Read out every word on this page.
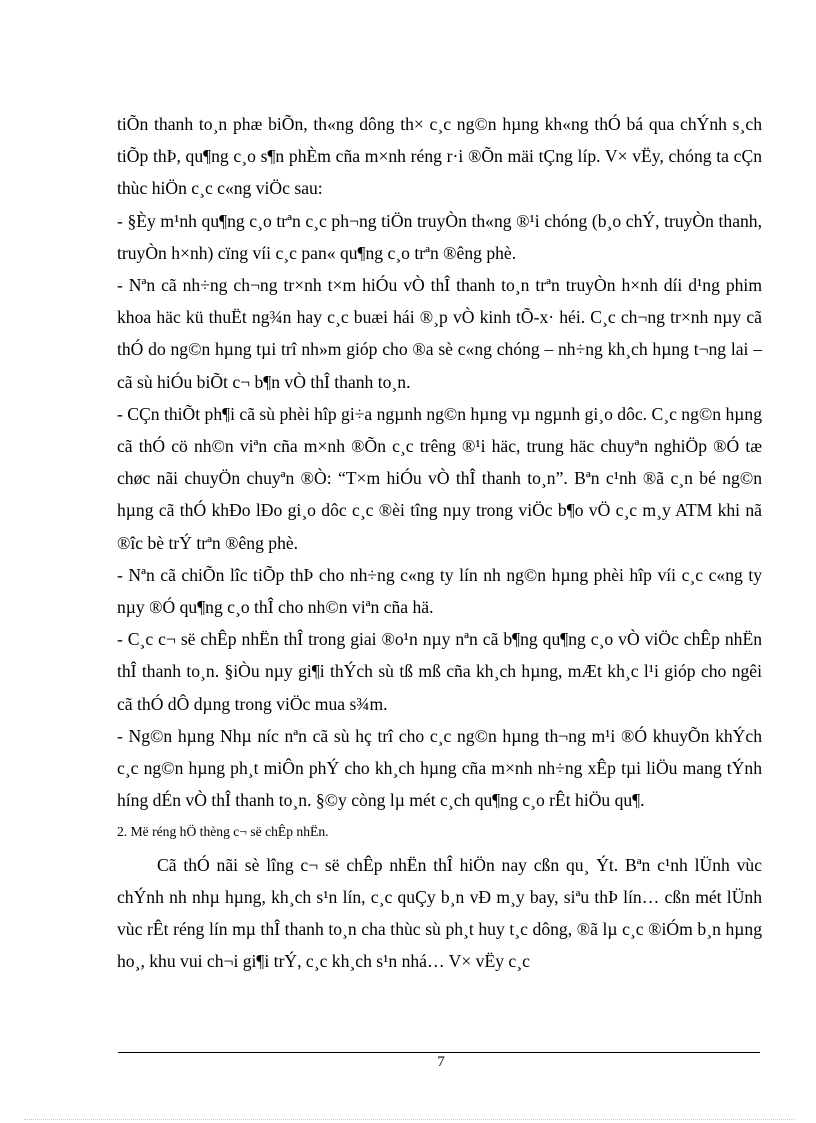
tiÕn thanh to¸n phæ biÕn, th«ng dông th× c¸c ng©n hµng kh«ng thÓ bá qua chÝnh s¸ch tiÕp thÞ, qu¶ng c¸o s¶n phÈm cña m×nh réng r·i ®Õn mäi tÇng líp. V× vËy, chóng ta cÇn thùc hiÖn c¸c c«ng viÖc sau:

- §Èy m¹nh qu¶ng c¸o trªn c¸c ph¬ng tiÖn truyÒn th«ng ®¹i chóng (b¸o chÝ, truyÒn thanh, truyÒn h×nh) cïng víi c¸c pan« qu¶ng c¸o trªn ®êng phè.

- Nªn cã nh÷ng ch¬ng tr×nh t×m hiÓu vÒ thÎ thanh to¸n trªn truyÒn h×nh díi d¹ng phim khoa häc kü thuËt ng¾n hay c¸c buæi hái ®¸p vÒ kinh tÕ-x· héi. C¸c ch¬ng tr×nh nµy cã thÓ do ng©n hµng tµi trî nh»m gióp cho ®a sè c«ng chóng – nh÷ng kh¸ch hµng t¬ng lai – cã sù hiÓu biÕt c¬ b¶n vÒ thÎ thanh to¸n.

- CÇn thiÕt ph¶i cã sù phèi hîp gi÷a ngµnh ng©n hµng vµ ngµnh gi¸o dôc. C¸c ng©n hµng cã thÓ cö nh©n viªn cña m×nh ®Õn c¸c trêng ®¹i häc, trung häc chuyªn nghiÖp ®Ó tæ chøc nãi chuyÖn chuyªn ®Ò: “T×m hiÓu vÒ thÎ thanh to¸n”. Bªn c¹nh ®ã c¸n bé ng©n hµng cã thÓ khÐo lÐo gi¸o dôc c¸c ®èi tîng nµy trong viÖc b¶o vÖ c¸c m¸y ATM khi nã ®îc bè trÝ trªn ®êng phè.

- Nªn cã chiÕn lîc tiÕp thÞ cho nh÷ng c«ng ty lín nh ng©n hµng phèi hîp víi c¸c c«ng ty nµy ®Ó qu¶ng c¸o thÎ cho nh©n viªn cña hä.

- C¸c c¬ së chÊp nhËn thÎ trong giai ®o¹n nµy nªn cã b¶ng qu¶ng c¸o vÒ viÖc chÊp nhËn thÎ thanh to¸n. §iÒu nµy gi¶i thÝch sù tß mß cña kh¸ch hµng, mÆt kh¸c l¹i gióp cho ngêi cã thÓ dÔ dµng trong viÖc mua s¾m.

- Ng©n hµng Nhµ níc nªn cã sù hç trî cho c¸c ng©n hµng th¬ng m¹i ®Ó khuyÕn khÝch c¸c ng©n hµng ph¸t miÔn phÝ cho kh¸ch hµng cña m×nh nh÷ng xÊp tµi liÖu mang tÝnh híng dÉn vÒ thÎ thanh to¸n. §©y còng lµ mét c¸ch qu¶ng c¸o rÊt hiÖu qu¶.

2. Më réng hÖ thèng c¬ së chÊp nhËn.

Cã thÓ nãi sè lîng c¬ së chÊp nhËn thÎ hiÖn nay cßn qu¸ Ýt. Bªn c¹nh lÜnh vùc chÝnh nh nhµ hµng, kh¸ch s¹n lín, c¸c quÇy b¸n vÐ m¸y bay, siªu thÞ lín… cßn mét lÜnh vùc rÊt réng lín mµ thÎ thanh to¸n cha thùc sù ph¸t huy t¸c dông, ®ã lµ c¸c ®iÓm b¸n hµng ho¸, khu vui ch¬i gi¶i trÝ, c¸c kh¸ch s¹n nhá… V× vËy c¸c

7
